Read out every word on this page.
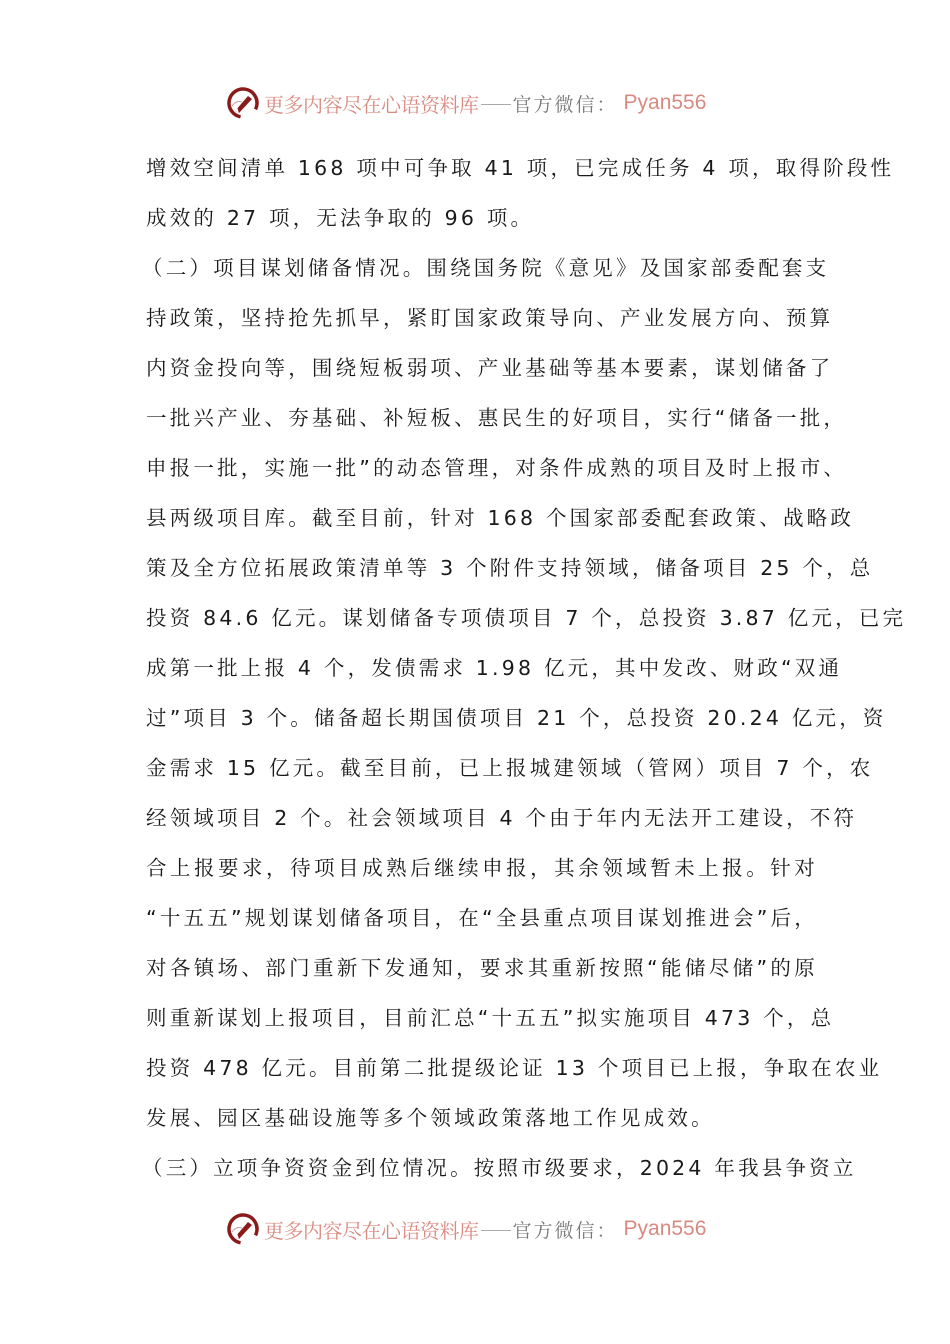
更多内容尽在心语资料库 官方微信： Pyan556
增效空间清单 168 项中可争取 41 项，已完成任务 4 项，取得阶段性
成效的 27 项，无法争取的 96 项。
（二）项目谋划储备情况。围绕国务院《意见》及国家部委配套支
持政策，坚持抢先抓早，紧盯国家政策导向、产业发展方向、预算
内资金投向等，围绕短板弱项、产业基础等基本要素，谋划储备了
一批兴产业、夯基础、补短板、惠民生的好项目，实行“储备一批，
申报一批，实施一批”的动态管理，对条件成熟的项目及时上报市、
县两级项目库。截至目前，针对 168 个国家部委配套政策、战略政
策及全方位拓展政策清单等 3 个附件支持领域，储备项目 25 个，总
投资 84.6 亿元。谋划储备专项债项目 7 个，总投资 3.87 亿元，已完
成第一批上报 4 个，发债需求 1.98 亿元，其中发改、财政“双通
过”项目 3 个。储备超长期国债项目 21 个，总投资 20.24 亿元，资
金需求 15 亿元。截至目前，已上报城建领域（管网）项目 7 个，农
经领域项目 2 个。社会领域项目 4 个由于年内无法开工建设，不符
合上报要求，待项目成熟后继续申报，其余领域暂未上报。针对
“十五五”规划谋划储备项目，在“全县重点项目谋划推进会”后，
对各镇场、部门重新下发通知，要求其重新按照“能储尽储”的原
则重新谋划上报项目，目前汇总“十五五”拟实施项目 473 个，总
投资 478 亿元。目前第二批提级论证 13 个项目已上报，争取在农业
发展、园区基础设施等多个领域政策落地工作见成效。
（三）立项争资资金到位情况。按照市级要求，2024 年我县争资立
更多内容尽在心语资料库 官方微信： Pyan556
